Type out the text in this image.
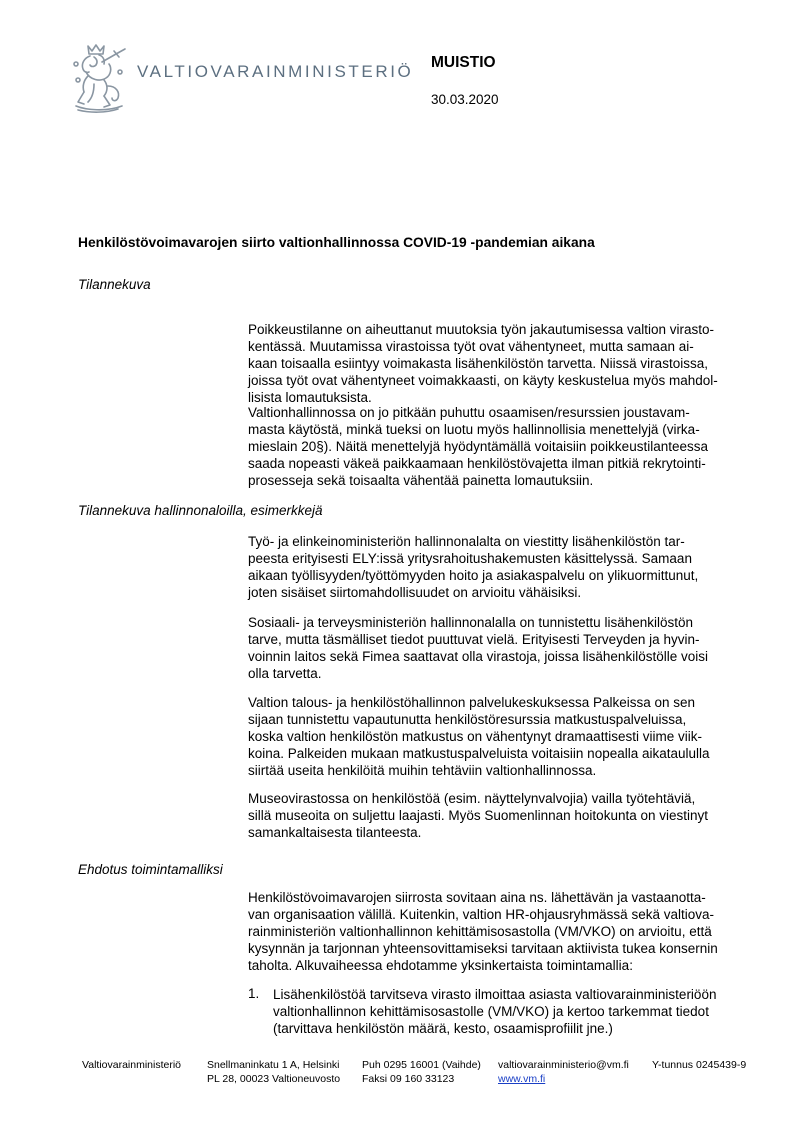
VALTIOVARAINMINISTERIÖ MUISTIO
30.03.2020
Henkilöstövoimavarojen siirto valtionhallinnossa COVID-19 -pandemian aikana
Tilannekuva
Poikkeustilanne on aiheuttanut muutoksia työn jakautumisessa valtion virasto-
kentässä. Muutamissa virastoissa työt ovat vähentyneet, mutta samaan ai-
kaan toisaalla esiintyy voimakasta lisähenkilöstön tarvetta. Niissä virastoissa,
joissa työt ovat vähentyneet voimakkaasti, on käyty keskustelua myös mahdol-
lisista lomautuksista.
Valtionhallinnossa on jo pitkään puhuttu osaamisen/resurssien joustavam-
masta käytöstä, minkä tueksi on luotu myös hallinnollisia menettelyjä (virka-
mieslain 20§). Näitä menettelyjä hyödyntämällä voitaisiin poikkeustilanteessa
saada nopeasti väkeä paikkaamaan henkilöstövajetta ilman pitkiä rekrytointi-
prosesseja sekä toisaalta vähentää painetta lomautuksiin.
Tilannekuva hallinnonaloilla, esimerkkejä
Työ- ja elinkeinoministeriön hallinnonalalta on viestitty lisähenkilöstön tar-
peesta erityisesti ELY:issä yritysrahoitushakemusten käsittelyssä. Samaan
aikaan työllisyyden/työttömyyden hoito ja asiakaspalvelu on ylikuormittunut,
joten sisäiset siirtomahdollisuudet on arvioitu vähäisiksi.
Sosiaali- ja terveysministeriön hallinnonalalla on tunnistettu lisähenkilöstön
tarve, mutta täsmälliset tiedot puuttuvat vielä. Erityisesti Terveyden ja hyvin-
voinnin laitos sekä Fimea saattavat olla virastoja, joissa lisähenkilöstölle voisi
olla tarvetta.
Valtion talous- ja henkilöstöhallinnon palvelukeskuksessa Palkeissa on sen
sijaan tunnistettu vapautunutta henkilöstöresurssia matkustuspalveluissa,
koska valtion henkilöstön matkustus on vähentynyt dramaattisesti viime viik-
koina. Palkeiden mukaan matkustuspalveluista voitaisiin nopealla aikataululla
siirtää useita henkilöitä muihin tehtäviin valtionhallinnossa.
Museovirastossa on henkilöstöä (esim. näyttelynvalvojia) vailla työtehtäviä,
sillä museoita on suljettu laajasti. Myös Suomenlinnan hoitokunta on viestinyt
samankaltaisesta tilanteesta.
Ehdotus toimintamalliksi
Henkilöstövoimavarojen siirrosta sovitaan aina ns. lähettävän ja vastaanotta-
van organisaation välillä. Kuitenkin, valtion HR-ohjausryhmässä sekä valtiova-
rainministeriön valtionhallinnon kehittämisosastolla (VM/VKO) on arvioitu, että
kysynnän ja tarjonnan yhteensovittamiseksi tarvitaan aktiivista tukea konsernin
taholta. Alkuvaiheessa ehdotamme yksinkertaista toimintamallia:
1. Lisähenkilöstöä tarvitseva virasto ilmoittaa asiasta valtiovarainministeriöön
valtionhallinnon kehittämisosastolle (VM/VKO) ja kertoo tarkemmat tiedot
(tarvittava henkilöstön määrä, kesto, osaamisprofiilit jne.)
Valtiovarainministeriö Snellmaninkatu 1 A, Helsinki
PL 28, 00023 Valtioneuvosto
Puh 0295 16001 (Vaihde)
Faksi 09 160 33123
valtiovarainministerio@vm.fi
www.vm.fi
Y-tunnus 0245439-9
